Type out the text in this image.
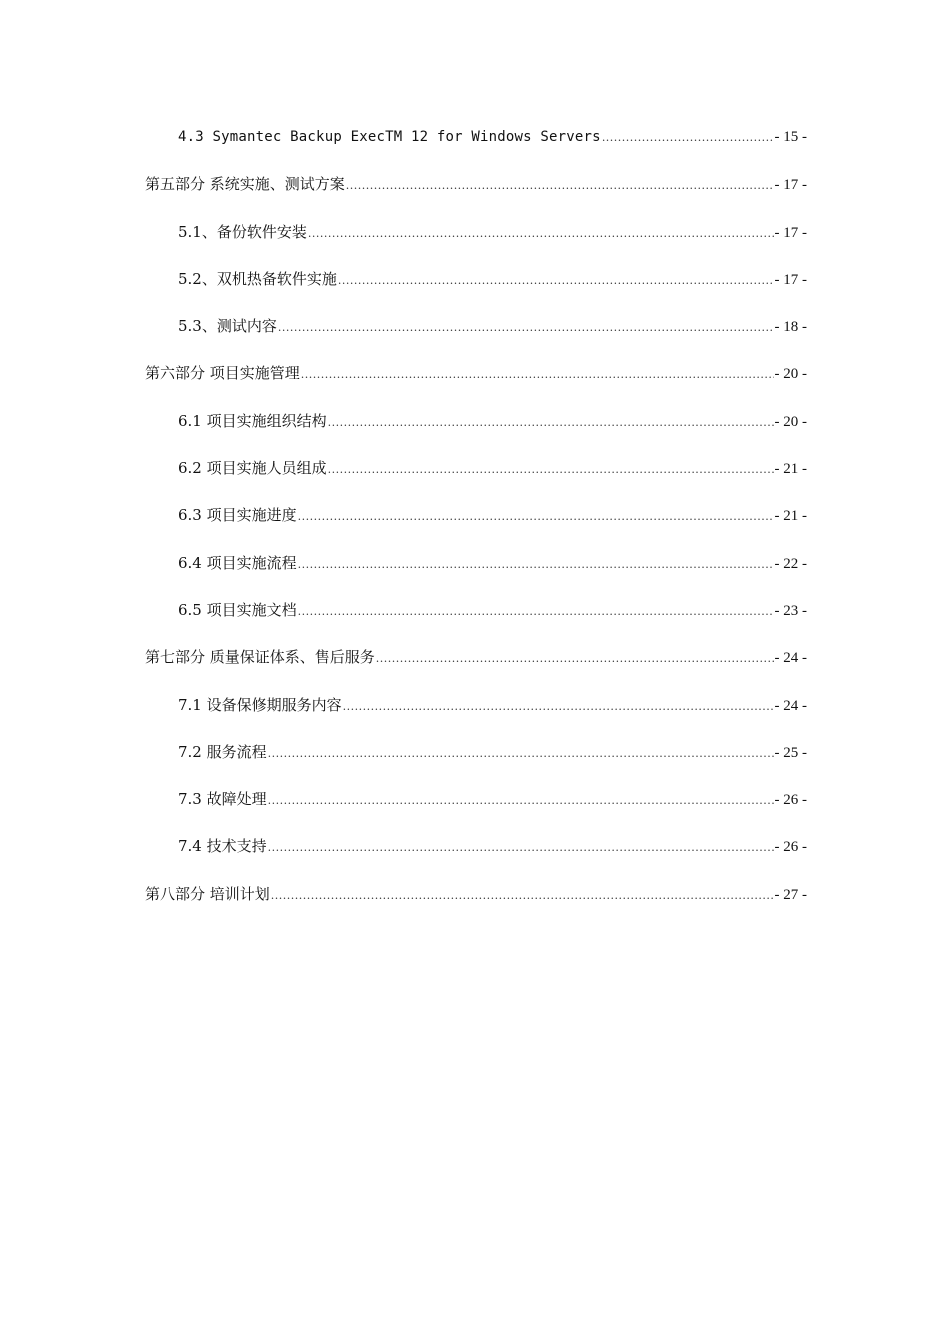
4.3 Symantec Backup ExecTM 12 for Windows Servers .....	- 15 -
第五部分 系统实施、测试方案 .....	- 17 -
5.1、备份软件安装 .....	- 17 -
5.2、双机热备软件实施 .....	- 17 -
5.3、测试内容 .....	- 18 -
第六部分 项目实施管理 .....	- 20 -
6.1 项目实施组织结构 .....	- 20 -
6.2 项目实施人员组成 .....	- 21 -
6.3 项目实施进度 .....	- 21 -
6.4 项目实施流程 .....	- 22 -
6.5 项目实施文档 .....	- 23 -
第七部分 质量保证体系、售后服务 .....	- 24 -
7.1 设备保修期服务内容 .....	- 24 -
7.2 服务流程 .....	- 25 -
7.3 故障处理 .....	- 26 -
7.4 技术支持 .....	- 26 -
第八部分 培训计划 .....	- 27 -
